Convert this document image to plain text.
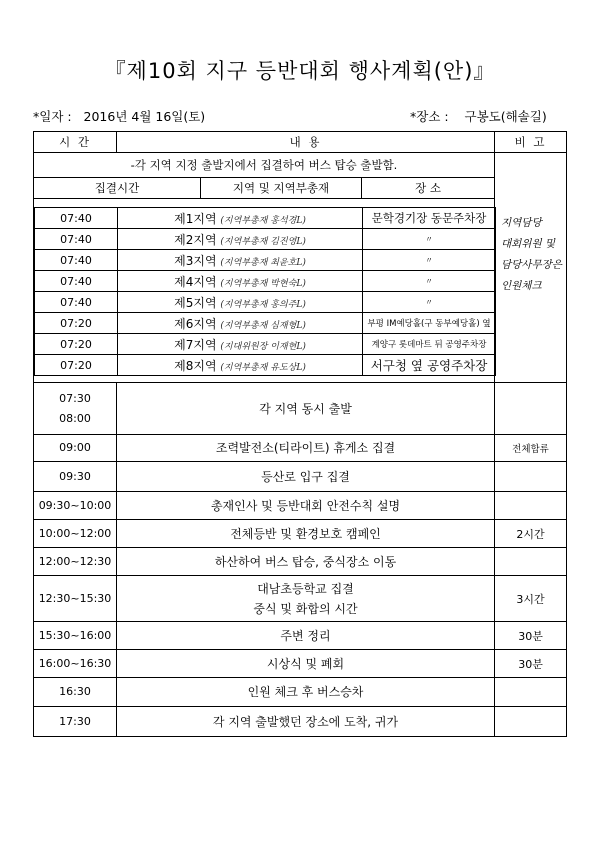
『제10회 지구 등반대회 행사계획(안)』
*일자 : 2016년 4월 16일(토)	*장소 : 구봉도(해솔길)
시 간	내 용	비 고
-각 지역 지정 출발지에서 집결하여 버스 탑승 출발함.	
지역담당
대회위원 및
담당사무장은
인원체크

집결시간	지역 및 지역부총재	장 소

07:40	제1지역 (지역부총재 홍석경L)	문학경기장 동문주차장
07:40	제2지역 (지역부총재 김진영L)	〃
07:40	제3지역 (지역부총재 최윤호L)	〃
07:40	제4지역 (지역부총재 박현숙L)	〃
07:40	제5지역 (지역부총재 홍의주L)	〃
07:20	제6지역 (지역부총재 심재형L)	부평 IM예당홀(구 동부예당홀) 옆
07:20	제7지역 (지대위원장 이재현L)	계양구 롯데마트 뒤 공영주차장
07:20	제8지역 (지역부총재 유도상L)	서구청 옆 공영주차장

07:30
08:00	각 지역 동시 출발	
09:00	조력발전소(티라이트) 휴게소 집결	전체합류
09:30	등산로 입구 집결	
09:30~10:00	총재인사 및 등반대회 안전수칙 설명	
10:00~12:00	전체등반 및 환경보호 캠페인	2시간
12:00~12:30	하산하여 버스 탑승, 중식장소 이동	
12:30~15:30	대남초등학교 집결
중식 및 화합의 시간	3시간
15:30~16:00	주변 정리	30분
16:00~16:30	시상식 및 폐회	30분
16:30	인원 체크 후 버스승차	
17:30	각 지역 출발했던 장소에 도착, 귀가	
